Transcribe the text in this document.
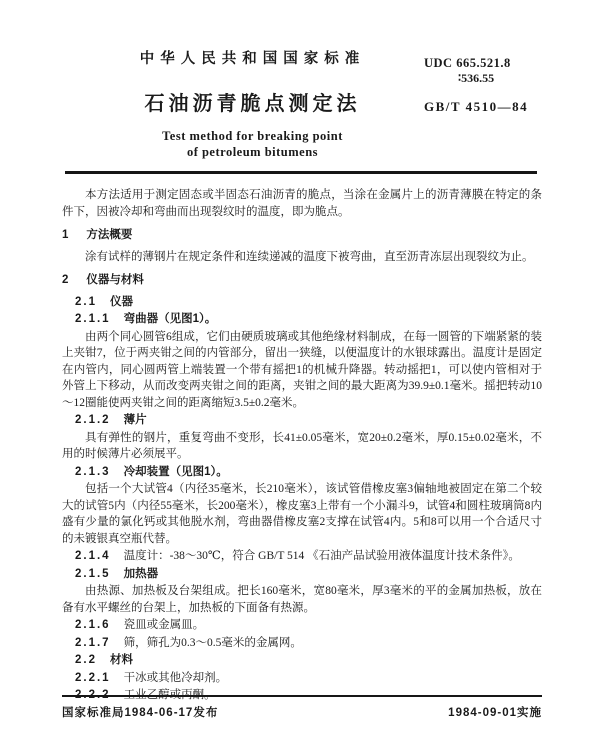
中华人民共和国国家标准
石油沥青脆点测定法
Test method for breaking point
of petroleum bitumens
UDC 665.521.8
∶536.55
GB/T 4510—84
本方法适用于测定固态或半固态石油沥青的脆点，当涂在金属片上的沥青薄膜在特定的条件下，因被冷却和弯曲而出现裂纹时的温度，即为脆点。
1 方法概要
涂有试样的薄钢片在规定条件和连续递减的温度下被弯曲，直至沥青冻层出现裂纹为止。
2 仪器与材料
2.1 仪器
2.1.1 弯曲器（见图1）。
由两个同心圆管6组成，它们由硬质玻璃或其他绝缘材料制成，在每一圆管的下端紧紧的装上夹钳7，位于两夹钳之间的内管部分，留出一狭缝，以便温度计的水银球露出。温度计是固定在内管内，同心圆两管上端装置一个带有摇把1的机械升降器。转动摇把1，可以使内管相对于外管上下移动，从而改变两夹钳之间的距离，夹钳之间的最大距离为39.9±0.1毫米。摇把转动10～12圈能使两夹钳之间的距离缩短3.5±0.2毫米。
2.1.2 薄片
具有弹性的钢片，重复弯曲不变形，长41±0.05毫米，宽20±0.2毫米，厚0.15±0.02毫米，不用的时候薄片必须展平。
2.1.3 冷却装置（见图1）。
包括一个大试管4（内径35毫米，长210毫米），该试管借橡皮塞3偏轴地被固定在第二个较大的试管5内（内径55毫米，长200毫米），橡皮塞3上带有一个小漏斗9，试管4和圆柱玻璃筒8内盛有少量的氯化钙或其他脱水剂，弯曲器借橡皮塞2支撑在试管4内。5和8可以用一个合适尺寸的未镀银真空瓶代替。
2.1.4 温度计：-38～30℃，符合 GB/T 514 《石油产品试验用液体温度计技术条件》。
2.1.5 加热器
由热源、加热板及台架组成。把长160毫米，宽80毫米，厚3毫米的平的金属加热板，放在备有水平螺丝的台架上，加热板的下面备有热源。
2.1.6 瓷皿或金属皿。
2.1.7 筛，筛孔为0.3～0.5毫米的金属网。
2.2 材料
2.2.1 干冰或其他冷却剂。
2.2.2 工业乙醇或丙酮。
国家标准局1984-06-17发布	1984-09-01实施
